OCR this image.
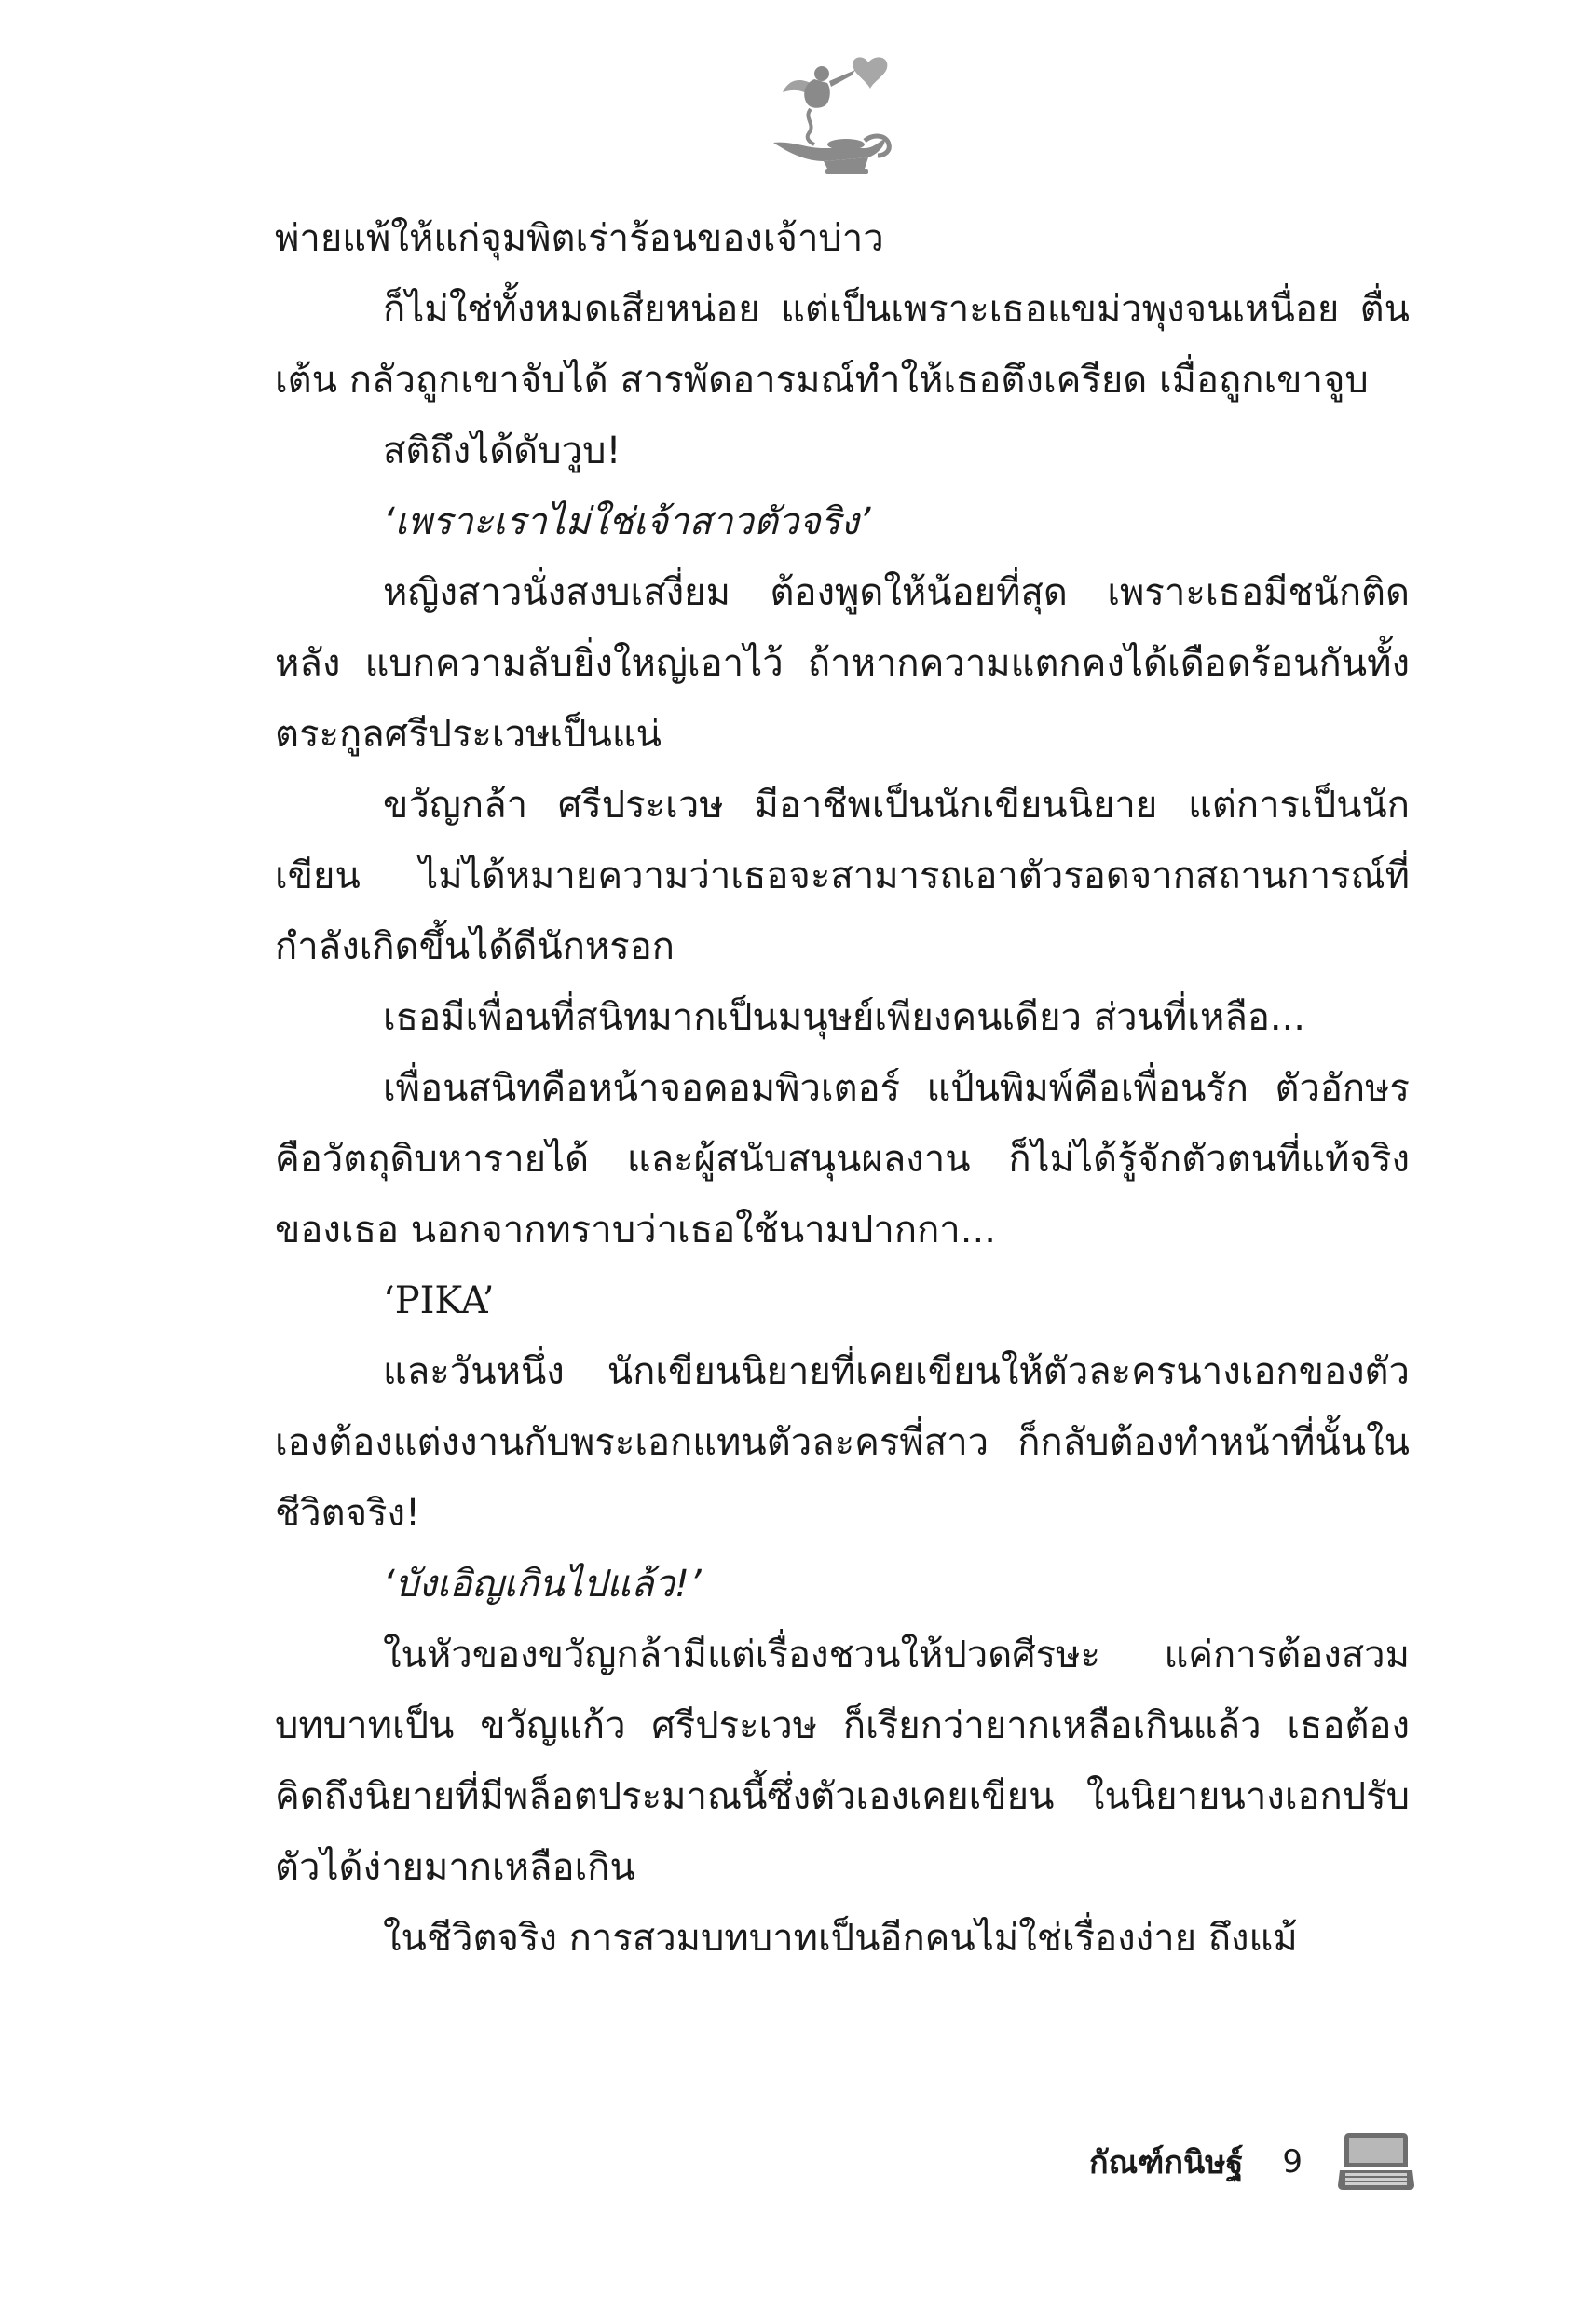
พ่ายแพ้ให้แก่จุมพิตเร่าร้อนของเจ้าบ่าว

ก็ไม่ใช่ทั้งหมดเสียหน่อย แต่เป็นเพราะเธอแขม่วพุงจนเหนื่อย ตื่นเต้น กลัวถูกเขาจับได้ สารพัดอารมณ์ทำให้เธอตึงเครียด เมื่อถูกเขาจูบ

สติถึงได้ดับวูบ!

‘เพราะเราไม่ใช่เจ้าสาวตัวจริง’

หญิงสาวนั่งสงบเสงี่ยม ต้องพูดให้น้อยที่สุด เพราะเธอมีชนักติดหลัง แบกความลับยิ่งใหญ่เอาไว้ ถ้าหากความแตกคงได้เดือดร้อนกันทั้งตระกูลศรีประเวษเป็นแน่

ขวัญกล้า ศรีประเวษ มีอาชีพเป็นนักเขียนนิยาย แต่การเป็นนักเขียน ไม่ได้หมายความว่าเธอจะสามารถเอาตัวรอดจากสถานการณ์ที่กำลังเกิดขึ้นได้ดีนักหรอก

เธอมีเพื่อนที่สนิทมากเป็นมนุษย์เพียงคนเดียว ส่วนที่เหลือ...

เพื่อนสนิทคือหน้าจอคอมพิวเตอร์ แป้นพิมพ์คือเพื่อนรัก ตัวอักษรคือวัตถุดิบหารายได้ และผู้สนับสนุนผลงาน ก็ไม่ได้รู้จักตัวตนที่แท้จริงของเธอ นอกจากทราบว่าเธอใช้นามปากกา...

‘PIKA’

และวันหนึ่ง นักเขียนนิยายที่เคยเขียนให้ตัวละครนางเอกของตัวเองต้องแต่งงานกับพระเอกแทนตัวละครพี่สาว ก็กลับต้องทำหน้าที่นั้นในชีวิตจริง!

‘บังเอิญเกินไปแล้ว!’

ในหัวของขวัญกล้ามีแต่เรื่องชวนให้ปวดศีรษะ แค่การต้องสวมบทบาทเป็น ขวัญแก้ว ศรีประเวษ ก็เรียกว่ายากเหลือเกินแล้ว เธอต้องคิดถึงนิยายที่มีพล็อตประมาณนี้ซึ่งตัวเองเคยเขียน ในนิยายนางเอกปรับตัวได้ง่ายมากเหลือเกิน

ในชีวิตจริง การสวมบทบาทเป็นอีกคนไม่ใช่เรื่องง่าย ถึงแม้

กัณฑ์กนิษฐ์ 9
